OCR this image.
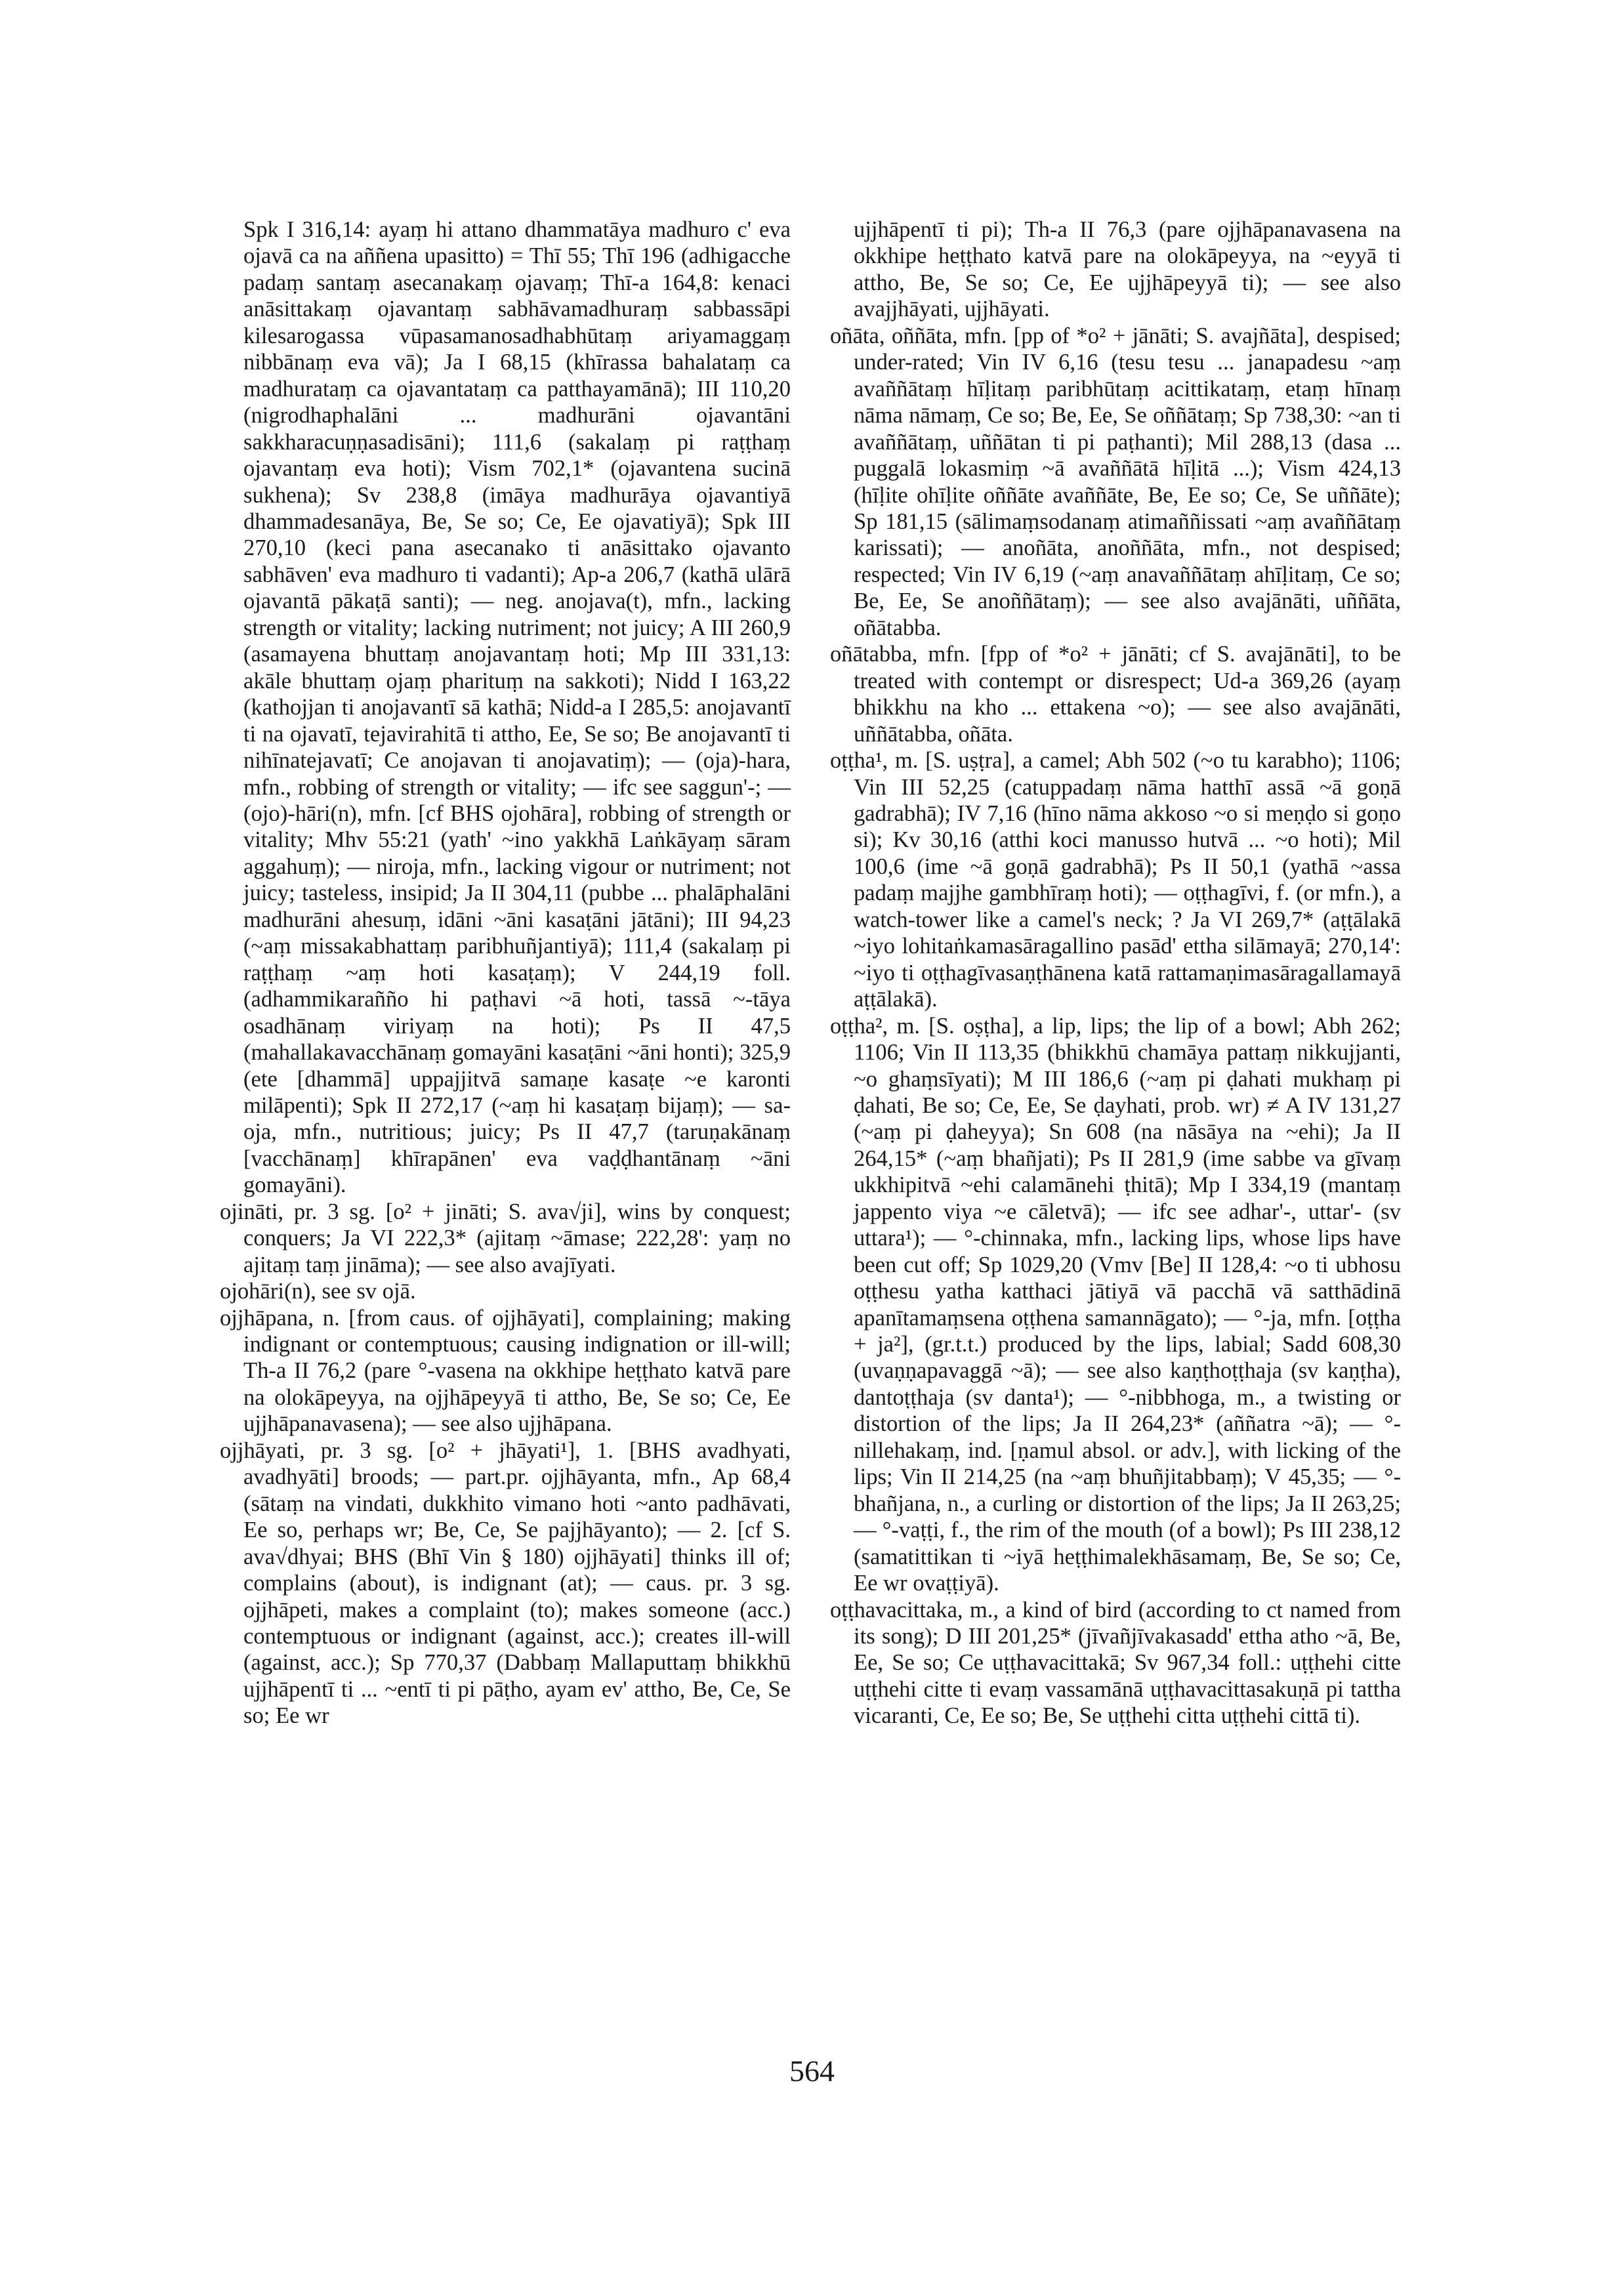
Spk I 316,14: ayaṃ hi attano dhammatāya madhuro c' eva ojavā ca na aññena upasitto) = Thī 55; Thī 196 (adhigacche padaṃ santaṃ asecanakaṃ ojavaṃ; Thī-a 164,8: kenaci anāsittakaṃ ojavantaṃ sabhāvamadhuraṃ sabbassāpi kilesarogassa vūpasamanosadhabhūtaṃ ariyamaggaṃ nibbānaṃ eva vā); Ja I 68,15 (khīrassa bahalataṃ ca madhurataṃ ca ojavantataṃ ca patthayamānā); III 110,20 (nigrodhaphalāni ... madhurāni ojavantāni sakkharacuṇṇasadisāni); 111,6 (sakalaṃ pi raṭṭhaṃ ojavantaṃ eva hoti); Vism 702,1* (ojavantena sucinā sukhena); Sv 238,8 (imāya madhurāya ojavantiyā dhammadesanāya, Be, Se so; Ce, Ee ojavatiyā); Spk III 270,10 (keci pana asecanako ti anāsittako ojavanto sabhāven' eva madhuro ti vadanti); Ap-a 206,7 (kathā ulārā ojavantā pākaṭā santi); — neg. anojava(t), mfn., lacking strength or vitality; lacking nutriment; not juicy; A III 260,9 (asamayena bhuttaṃ anojavantaṃ hoti; Mp III 331,13: akāle bhuttaṃ ojaṃ pharituṃ na sakkoti); Nidd I 163,22 (kathojjan ti anojavantī sā kathā; Nidd-a I 285,5: anojavantī ti na ojavatī, tejavirahitā ti attho, Ee, Se so; Be anojavantī ti nihīnatejavatī; Ce anojavan ti anojavatiṃ); — (oja)-hara, mfn., robbing of strength or vitality; — ifc see saggun'-; — (ojo)-hāri(n), mfn. [cf BHS ojohāra], robbing of strength or vitality; Mhv 55:21 (yath' ~ino yakkhā Laṅkāyaṃ sāram aggahuṃ); — niroja, mfn., lacking vigour or nutriment; not juicy; tasteless, insipid; Ja II 304,11 (pubbe ... phalāphalāni madhurāni ahesuṃ, idāni ~āni kasaṭāni jātāni); III 94,23 (~aṃ missakabhattaṃ paribhuñjantiyā); 111,4 (sakalaṃ pi raṭṭhaṃ ~aṃ hoti kasaṭaṃ); V 244,19 foll. (adhammikarañño hi paṭhavi ~ā hoti, tassā ~-tāya osadhānaṃ viriyaṃ na hoti); Ps II 47,5 (mahallakavacchānaṃ gomayāni kasaṭāni ~āni honti); 325,9 (ete [dhammā] uppajjitvā samaṇe kasaṭe ~e karonti milāpenti); Spk II 272,17 (~aṃ hi kasaṭaṃ bijaṃ); — sa-oja, mfn., nutritious; juicy; Ps II 47,7 (taruṇakānaṃ [vacchānaṃ] khīrapānen' eva vaḍḍhantānaṃ ~āni gomayāni).

ojināti, pr. 3 sg. [o² + jināti; S. ava√ji], wins by conquest; conquers; Ja VI 222,3* (ajitaṃ ~āmase; 222,28': yaṃ no ajitaṃ taṃ jināma); — see also avajīyati.

ojohāri(n), see sv ojā.

ojjhāpana, n. [from caus. of ojjhāyati], complaining; making indignant or contemptuous; causing indignation or ill-will; Th-a II 76,2 (pare °-vasena na okkhipe heṭṭhato katvā pare na olokāpeyya, na ojjhāpeyyā ti attho, Be, Se so; Ce, Ee ujjhāpanavasena); — see also ujjhāpana.

ojjhāyati, pr. 3 sg. [o² + jhāyati¹], 1. [BHS avadhyati, avadhyāti] broods; — part.pr. ojjhāyanta, mfn., Ap 68,4 (sātaṃ na vindati, dukkhito vimano hoti ~anto padhāvati, Ee so, perhaps wr; Be, Ce, Se pajjhāyanto); — 2. [cf S. ava√dhyai; BHS (Bhī Vin § 180) ojjhāyati] thinks ill of; complains (about), is indignant (at); — caus. pr. 3 sg. ojjhāpeti, makes a complaint (to); makes someone (acc.) contemptuous or indignant (against, acc.); creates ill-will (against, acc.); Sp 770,37 (Dabbaṃ Mallaputtaṃ bhikkhū ujjhāpentī ti ... ~entī ti pi pāṭho, ayam ev' attho, Be, Ce, Se so; Ee wr

ujjhāpentī ti pi); Th-a II 76,3 (pare ojjhāpanavasena na okkhipe heṭṭhato katvā pare na olokāpeyya, na ~eyyā ti attho, Be, Se so; Ce, Ee ujjhāpeyyā ti); — see also avajjhāyati, ujjhāyati.

oñāta, oññāta, mfn. [pp of *o² + jānāti; S. avajñāta], despised; under-rated; Vin IV 6,16 (tesu tesu ... janapadesu ~aṃ avaññātaṃ hīḷitaṃ paribhūtaṃ acittikataṃ, etaṃ hīnaṃ nāma nāmaṃ, Ce so; Be, Ee, Se oññātaṃ; Sp 738,30: ~an ti avaññātaṃ, uññātan ti pi paṭhanti); Mil 288,13 (dasa ... puggalā lokasmiṃ ~ā avaññātā hīḷitā ...); Vism 424,13 (hīḷite ohīḷite oññāte avaññāte, Be, Ee so; Ce, Se uññāte); Sp 181,15 (sālimaṃsodanaṃ atimaññissati ~aṃ avaññātaṃ karissati); — anoñāta, anoññāta, mfn., not despised; respected; Vin IV 6,19 (~aṃ anavaññātaṃ ahīḷitaṃ, Ce so; Be, Ee, Se anoññātaṃ); — see also avajānāti, uññāta, oñātabba.

oñātabba, mfn. [fpp of *o² + jānāti; cf S. avajānāti], to be treated with contempt or disrespect; Ud-a 369,26 (ayaṃ bhikkhu na kho ... ettakena ~o); — see also avajānāti, uññātabba, oñāta.

oṭṭha¹, m. [S. uṣṭra], a camel; Abh 502 (~o tu karabho); 1106; Vin III 52,25 (catuppadaṃ nāma hatthī assā ~ā goṇā gadrabhā); IV 7,16 (hīno nāma akkoso ~o si meṇḍo si goṇo si); Kv 30,16 (atthi koci manusso hutvā ... ~o hoti); Mil 100,6 (ime ~ā goṇā gadrabhā); Ps II 50,1 (yathā ~assa padaṃ majjhe gambhīraṃ hoti); — oṭṭhagīvi, f. (or mfn.), a watch-tower like a camel's neck; ? Ja VI 269,7* (aṭṭālakā ~iyo lohitaṅkamasāragallino pasād' ettha silāmayā; 270,14': ~iyo ti oṭṭhagīvasaṇṭhānena katā rattamaṇimasāragallamayā aṭṭālakā).

oṭṭha², m. [S. oṣṭha], a lip, lips; the lip of a bowl; Abh 262; 1106; Vin II 113,35 (bhikkhū chamāya pattaṃ nikkujjanti, ~o ghaṃsīyati); M III 186,6 (~aṃ pi ḍahati mukhaṃ pi ḍahati, Be so; Ce, Ee, Se ḍayhati, prob. wr) ≠ A IV 131,27 (~aṃ pi ḍaheyya); Sn 608 (na nāsāya na ~ehi); Ja II 264,15* (~aṃ bhañjati); Ps II 281,9 (ime sabbe va gīvaṃ ukkhipitvā ~ehi calamānehi ṭhitā); Mp I 334,19 (mantaṃ jappento viya ~e cāletvā); — ifc see adhar'-, uttar'- (sv uttara¹); — °-chinnaka, mfn., lacking lips, whose lips have been cut off; Sp 1029,20 (Vmv [Be] II 128,4: ~o ti ubhosu oṭṭhesu yatha katthaci jātiyā vā pacchā vā satthādinā apanītamaṃsena oṭṭhena samannāgato); — °-ja, mfn. [oṭṭha + ja²], (gr.t.t.) produced by the lips, labial; Sadd 608,30 (uvaṇṇapavaggā ~ā); — see also kaṇṭhoṭṭhaja (sv kaṇṭha), dantoṭṭhaja (sv danta¹); — °-nibbhoga, m., a twisting or distortion of the lips; Ja II 264,23* (aññatra ~ā); — °-nillehakaṃ, ind. [ṇamul absol. or adv.], with licking of the lips; Vin II 214,25 (na ~aṃ bhuñjitabbaṃ); V 45,35; — °-bhañjana, n., a curling or distortion of the lips; Ja II 263,25; — °-vaṭṭi, f., the rim of the mouth (of a bowl); Ps III 238,12 (samatittikan ti ~iyā heṭṭhimalekhāsamaṃ, Be, Se so; Ce, Ee wr ovaṭṭiyā).

oṭṭhavacittaka, m., a kind of bird (according to ct named from its song); D III 201,25* (jīvañjīvakasadd' ettha atho ~ā, Be, Ee, Se so; Ce uṭṭhavacittakā; Sv 967,34 foll.: uṭṭhehi citte uṭṭhehi citte ti evaṃ vassamānā uṭṭhavacittasakuṇā pi tattha vicaranti, Ce, Ee so; Be, Se uṭṭhehi citta uṭṭhehi cittā ti).

564
